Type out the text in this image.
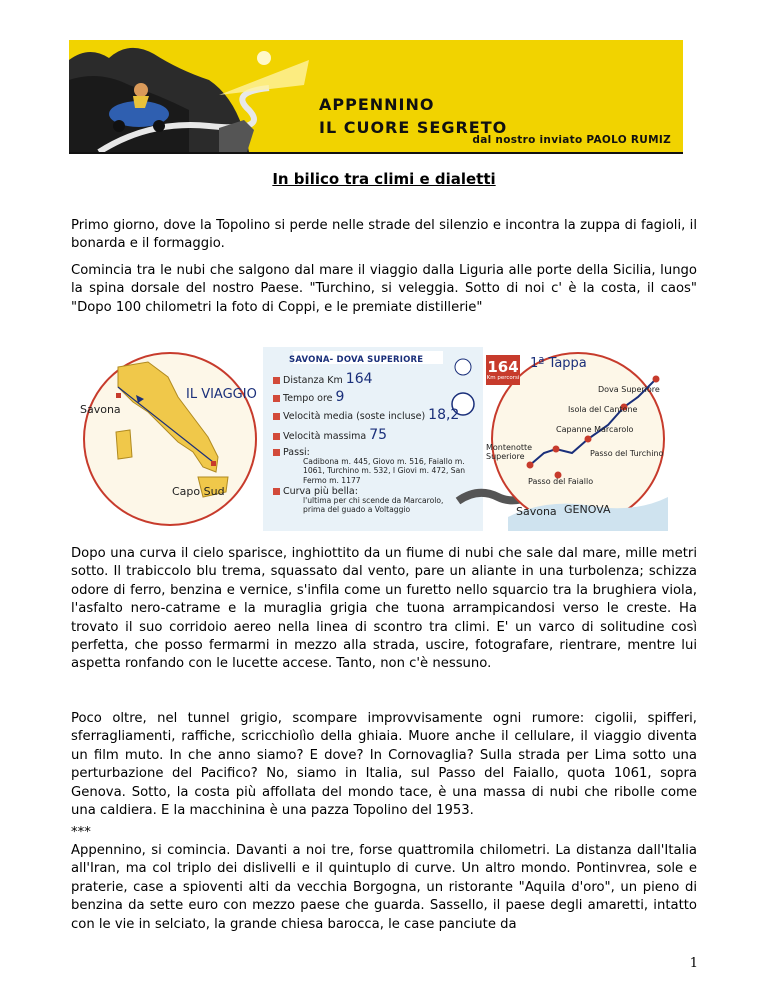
APPENNINO
IL CUORE SEGRETO
dal nostro inviato PAOLO RUMIZ
In bilico tra climi e dialetti
Primo giorno, dove la Topolino si perde nelle strade del silenzio e incontra la zuppa di fagioli, il bonarda e il formaggio.
Comincia tra le nubi che salgono dal mare il viaggio dalla Liguria alle porte della Sicilia, lungo la spina dorsale del nostro Paese. "Turchino, si veleggia. Sotto di noi c' è la costa, il caos" "Dopo 100 chilometri la foto di Coppi, e le premiate distillerie"
IL VIAGGIO
Savona
Capo Sud
SAVONA- DOVA SUPERIORE
Distanza Km 164
Tempo ore 9
Velocità media (soste incluse) 18,2
Velocità massima 75
Passi:
Cadibona m. 445, Giovo m. 516, Faiallo m. 1061, Turchino m. 532, I Giovi m. 472, San Fermo m. 1177
Curva più bella:
l'ultima per chi scende da Marcarolo, prima del guado a Voltaggio
164
Km percorsi
1ª Tappa
Dova Superiore
Isola del Cantone
Capanne Marcarolo
Montenotte Superiore	Passo del Turchino
Passo del Faiallo
Savona GENOVA
Dopo una curva il cielo sparisce, inghiottito da un fiume di nubi che sale dal mare, mille metri sotto. Il trabiccolo blu trema, squassato dal vento, pare un aliante in una turbolenza; schizza odore di ferro, benzina e vernice, s'infila come un furetto nello squarcio tra la brughiera viola, l'asfalto nero-catrame e la muraglia grigia che tuona arrampicandosi verso le creste. Ha trovato il suo corridoio aereo nella linea di scontro tra climi. E' un varco di solitudine così perfetta, che posso fermarmi in mezzo alla strada, uscire, fotografare, rientrare, mentre lui aspetta ronfando con le lucette accese. Tanto, non c'è nessuno.
Poco oltre, nel tunnel grigio, scompare improvvisamente ogni rumore: cigolii, spifferi, sferragliamenti, raffiche, scricchiolìo della ghiaia. Muore anche il cellulare, il viaggio diventa un film muto. In che anno siamo? E dove? In Cornovaglia? Sulla strada per Lima sotto una perturbazione del Pacifico? No, siamo in Italia, sul Passo del Faiallo, quota 1061, sopra Genova. Sotto, la costa più affollata del mondo tace, è una massa di nubi che ribolle come una caldiera. E la macchinina è una pazza Topolino del 1953.
***
Appennino, si comincia. Davanti a noi tre, forse quattromila chilometri. La distanza dall'Italia all'Iran, ma col triplo dei dislivelli e il quintuplo di curve. Un altro mondo. Pontinvrea, sole e praterie, case a spioventi alti da vecchia Borgogna, un ristorante "Aquila d'oro", un pieno di benzina da sette euro con mezzo paese che guarda. Sassello, il paese degli amaretti, intatto con le vie in selciato, la grande chiesa barocca, le case panciute da
1
